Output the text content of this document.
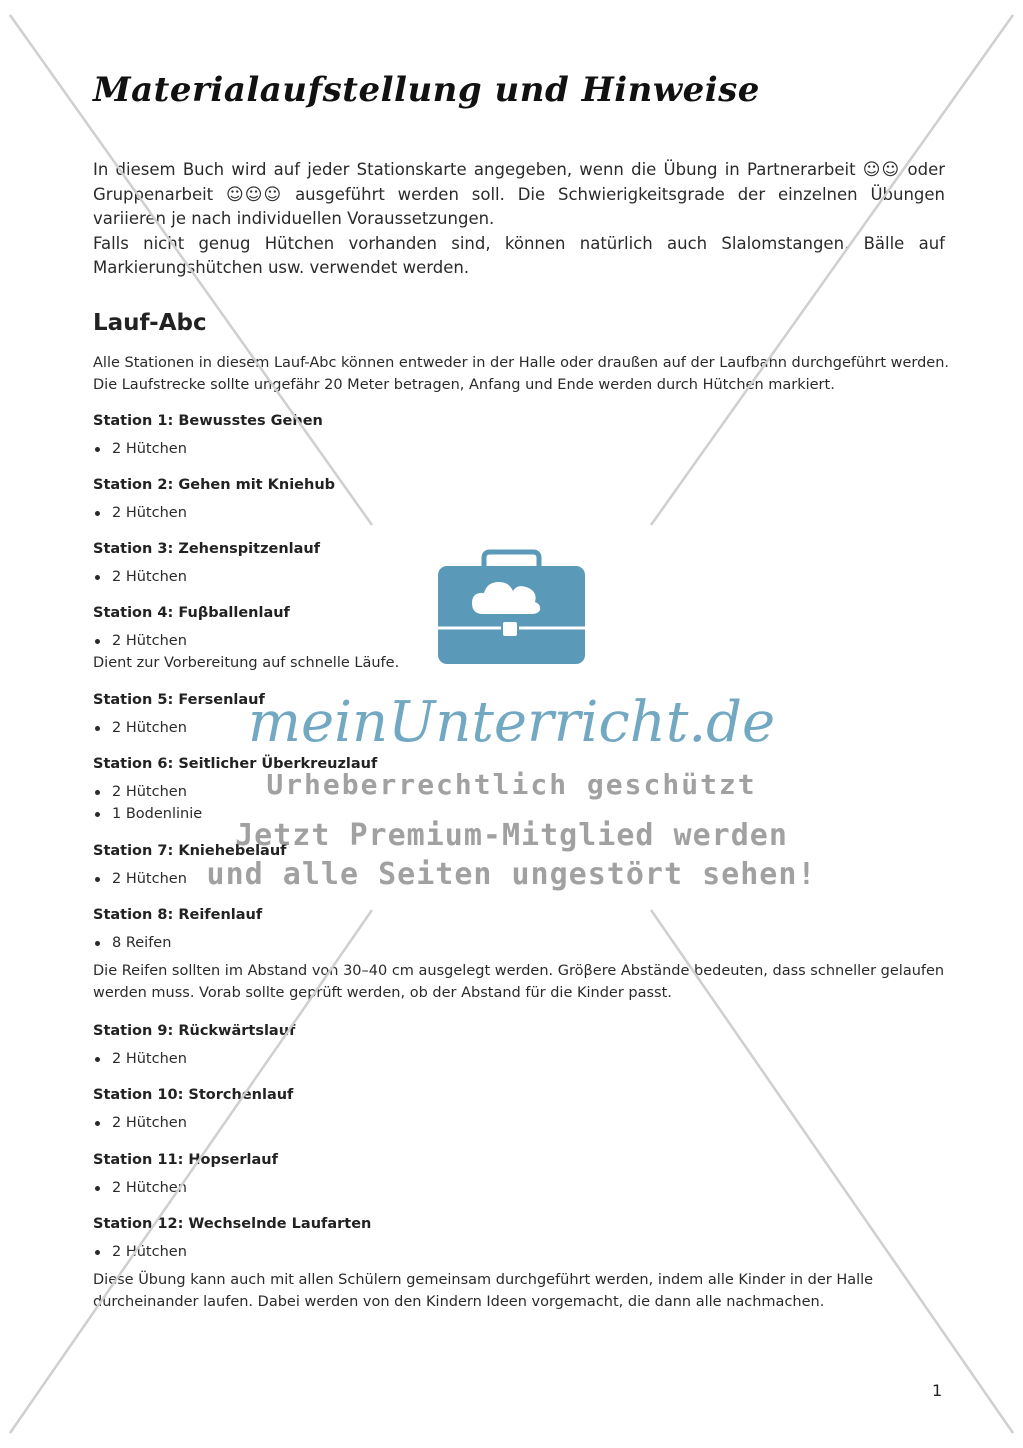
Materialaufstellung und Hinweise

In diesem Buch wird auf jeder Stationskarte angegeben, wenn die Übung in Partnerarbeit ☺☺ oder Gruppenarbeit ☺☺☺ ausgeführt werden soll. Die Schwierigkeitsgrade der einzelnen Übungen variieren je nach individuellen Voraussetzungen.

Falls nicht genug Hütchen vorhanden sind, können natürlich auch Slalomstangen, Bälle auf Markierungshütchen usw. verwendet werden.

Lauf-Abc
Alle Stationen in diesem Lauf-Abc können entweder in der Halle oder draußen auf der Laufbahn durchgeführt werden. Die Laufstrecke sollte ungefähr 20 Meter betragen, Anfang und Ende werden durch Hütchen markiert.
Station 1: Bewusstes Gehen
2 Hütchen
Station 2: Gehen mit Kniehub
2 Hütchen
Station 3: Zehenspitzenlauf
2 Hütchen
Station 4: Fuβballenlauf
2 Hütchen

Dient zur Vorbereitung auf schnelle Läufe.

Station 5: Fersenlauf
2 Hütchen
Station 6: Seitlicher Überkreuzlauf
2 Hütchen
1 Bodenlinie
Station 7: Kniehebelauf
2 Hütchen
Station 8: Reifenlauf
8 Reifen

Die Reifen sollten im Abstand von 30–40 cm ausgelegt werden. Gröβere Abstände bedeuten, dass schneller gelaufen werden muss. Vorab sollte geprüft werden, ob der Abstand für die Kinder passt.

Station 9: Rückwärtslauf
2 Hütchen
Station 10: Storchenlauf
2 Hütchen
Station 11: Hopserlauf
2 Hütchen
Station 12: Wechselnde Laufarten
2 Hütchen

Diese Übung kann auch mit allen Schülern gemeinsam durchgeführt werden, indem alle Kinder in der Halle durcheinander laufen. Dabei werden von den Kindern Ideen vorgemacht, die dann alle nachmachen.

1
meinUnterricht.de
Urheberrechtlich geschützt
Jetzt Premium-Mitglied werden
und alle Seiten ungestört sehen!
